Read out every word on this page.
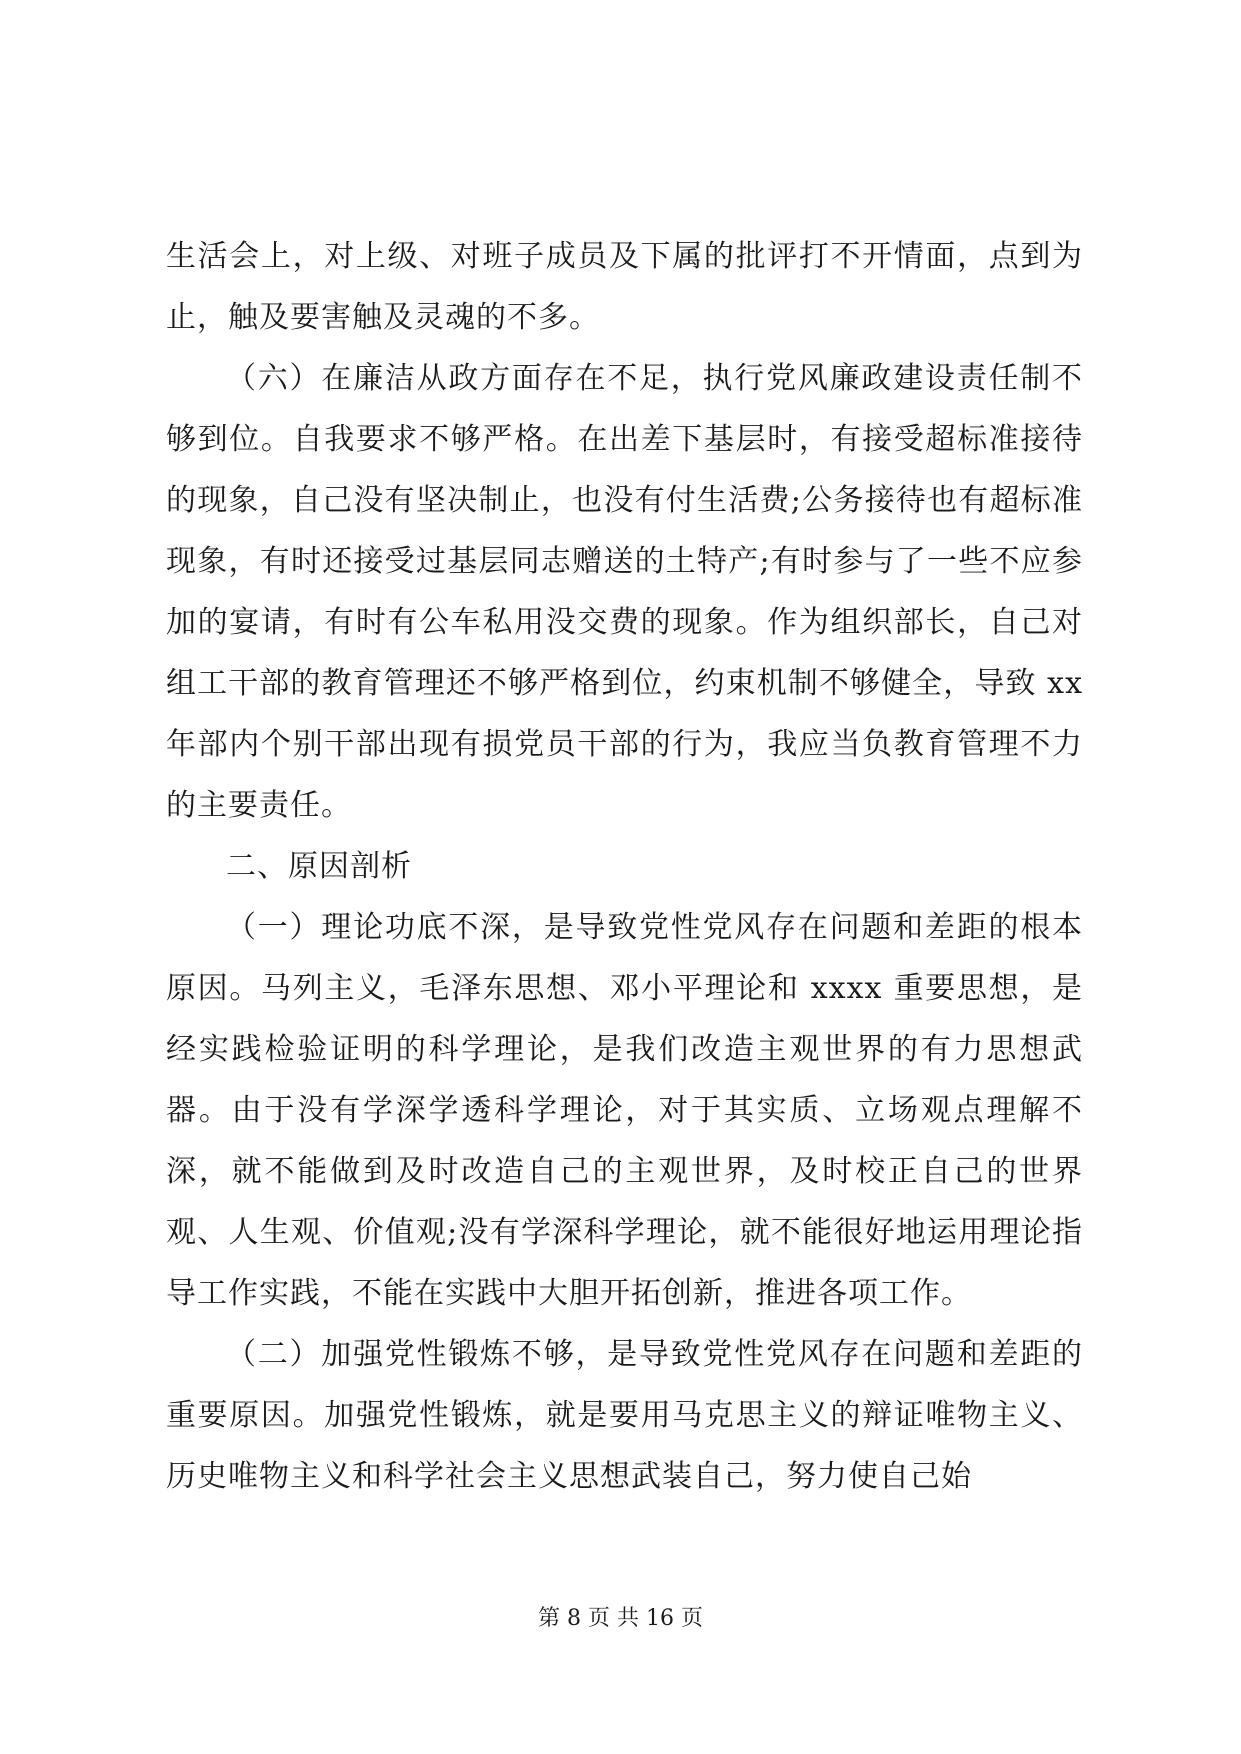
生活会上，对上级、对班子成员及下属的批评打不开情面，点到为止，触及要害触及灵魂的不多。

（六）在廉洁从政方面存在不足，执行党风廉政建设责任制不够到位。自我要求不够严格。在出差下基层时，有接受超标准接待的现象，自己没有坚决制止，也没有付生活费;公务接待也有超标准现象，有时还接受过基层同志赠送的土特产;有时参与了一些不应参加的宴请，有时有公车私用没交费的现象。作为组织部长，自己对组工干部的教育管理还不够严格到位，约束机制不够健全，导致 xx 年部内个别干部出现有损党员干部的行为，我应当负教育管理不力的主要责任。

二、原因剖析

（一）理论功底不深，是导致党性党风存在问题和差距的根本原因。马列主义，毛泽东思想、邓小平理论和 xxxx 重要思想，是经实践检验证明的科学理论，是我们改造主观世界的有力思想武器。由于没有学深学透科学理论，对于其实质、立场观点理解不深，就不能做到及时改造自己的主观世界，及时校正自己的世界观、人生观、价值观;没有学深科学理论，就不能很好地运用理论指导工作实践，不能在实践中大胆开拓创新，推进各项工作。

（二）加强党性锻炼不够，是导致党性党风存在问题和差距的重要原因。加强党性锻炼，就是要用马克思主义的辩证唯物主义、历史唯物主义和科学社会主义思想武装自己，努力使自己始

第 8 页 共 16 页
